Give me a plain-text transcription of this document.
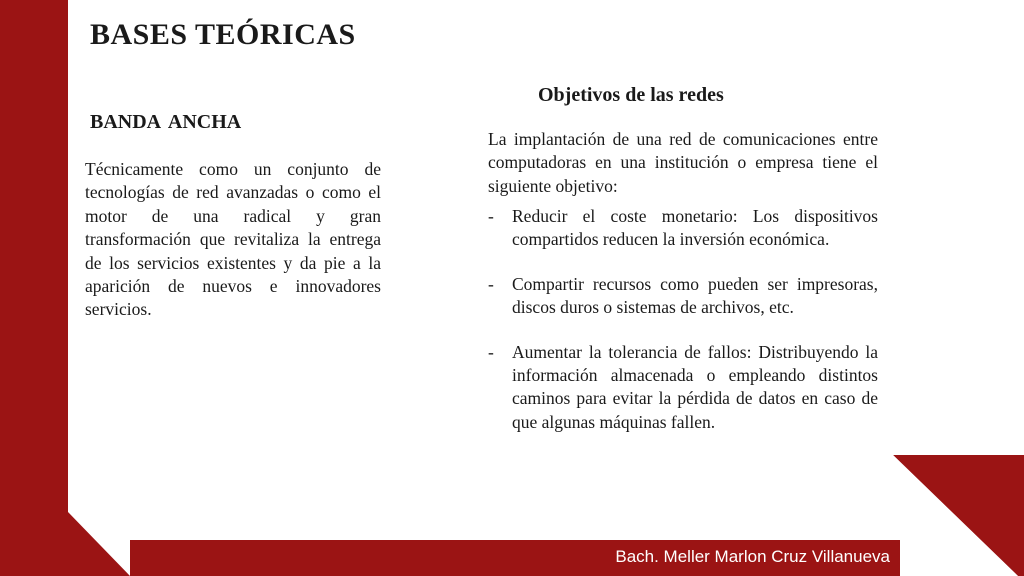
BASES TEÓRICAS
BANDA ANCHA
Técnicamente como un conjunto de tecnologías de red avanzadas o como el motor de una radical y gran transformación que revitaliza la entrega de los servicios existentes y da pie a la aparición de nuevos e innovadores servicios.
Objetivos de las redes
La implantación de una red de comunicaciones entre computadoras en una institución o empresa tiene el siguiente objetivo:
-	Reducir el coste monetario: Los dispositivos compartidos reducen la inversión económica.
-	Compartir recursos como pueden ser impresoras, discos duros o sistemas de archivos, etc.
-	Aumentar la tolerancia de fallos: Distribuyendo la información almacenada o empleando distintos caminos para evitar la pérdida de datos en caso de que algunas máquinas fallen.
Bach. Meller Marlon Cruz Villanueva
